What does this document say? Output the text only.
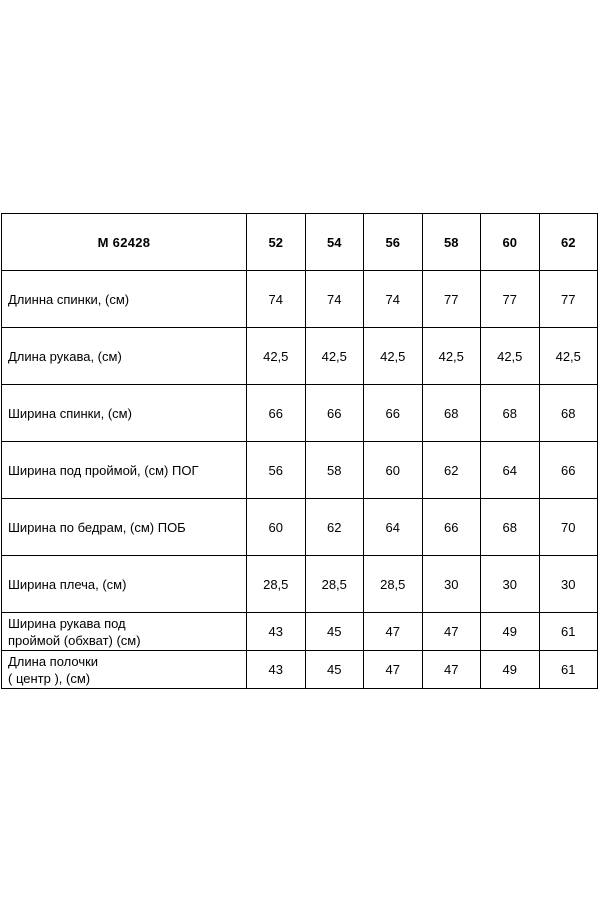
M 62428	52	54	56	58	60	62
Длинна спинки, (см)	74	74	74	77	77	77
Длина рукава, (см)	42,5	42,5	42,5	42,5	42,5	42,5
Ширина спинки, (см)	66	66	66	68	68	68
Ширина под проймой, (см) ПОГ	56	58	60	62	64	66
Ширина по бедрам, (см) ПОБ	60	62	64	66	68	70
Ширина плеча, (см)	28,5	28,5	28,5	30	30	30
Ширина рукава под
проймой (обхват) (см)	43	45	47	47	49	61
Длина полочки
( центр ), (см)	43	45	47	47	49	61
